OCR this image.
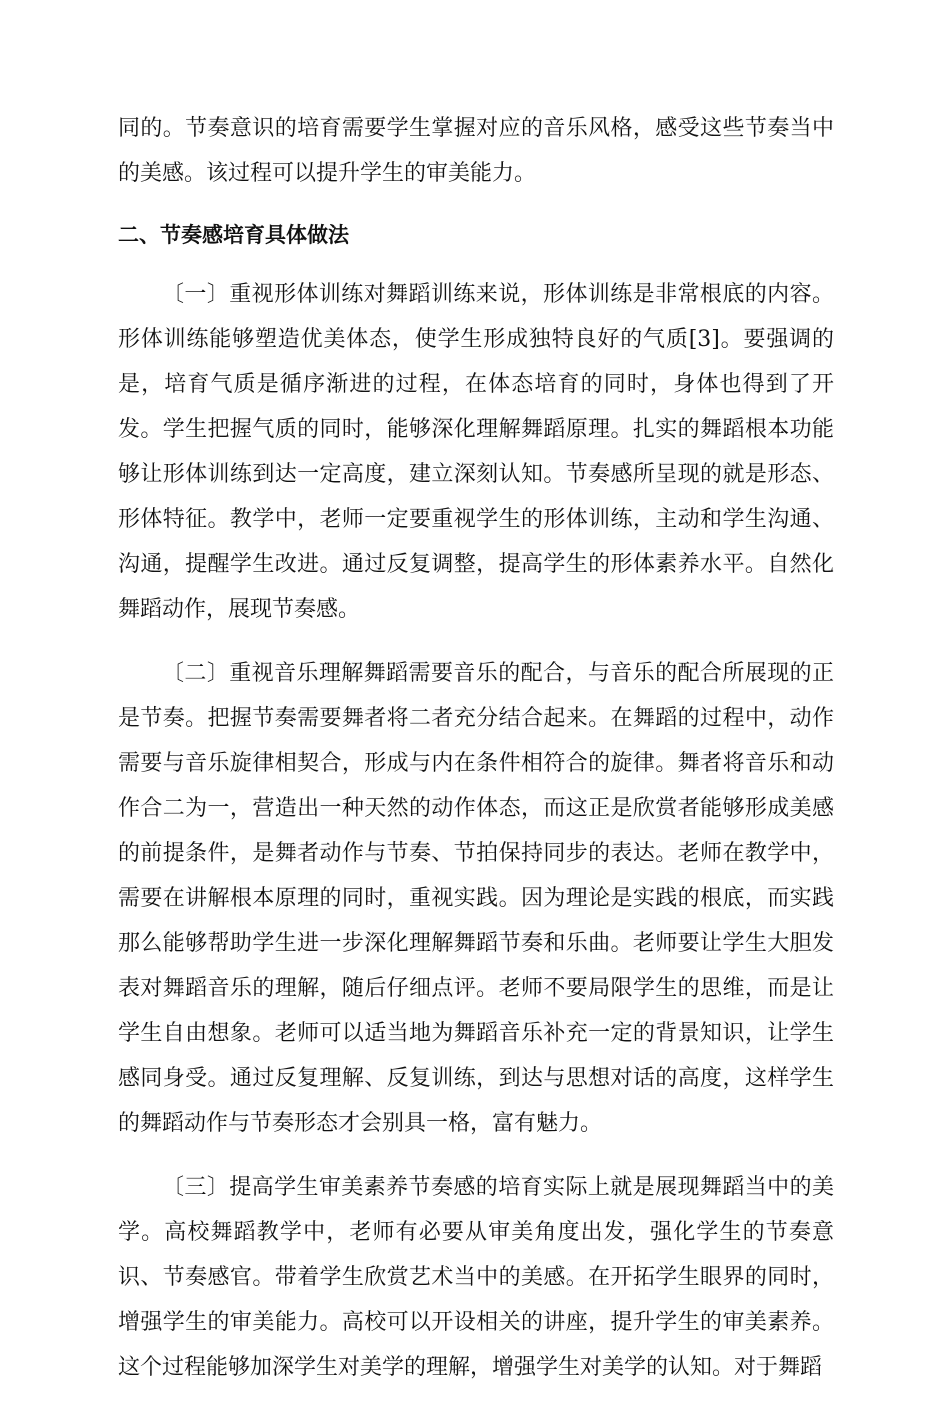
同的。节奏意识的培育需要学生掌握对应的音乐风格，感受这些节奏当中的美感。该过程可以提升学生的审美能力。

二、节奏感培育具体做法

〔一〕重视形体训练对舞蹈训练来说，形体训练是非常根底的内容。形体训练能够塑造优美体态，使学生形成独特良好的气质[3]。要强调的是，培育气质是循序渐进的过程，在体态培育的同时，身体也得到了开发。学生把握气质的同时，能够深化理解舞蹈原理。扎实的舞蹈根本功能够让形体训练到达一定高度，建立深刻认知。节奏感所呈现的就是形态、形体特征。教学中，老师一定要重视学生的形体训练，主动和学生沟通、沟通，提醒学生改进。通过反复调整，提高学生的形体素养水平。自然化舞蹈动作，展现节奏感。

〔二〕重视音乐理解舞蹈需要音乐的配合，与音乐的配合所展现的正是节奏。把握节奏需要舞者将二者充分结合起来。在舞蹈的过程中，动作需要与音乐旋律相契合，形成与内在条件相符合的旋律。舞者将音乐和动作合二为一，营造出一种天然的动作体态，而这正是欣赏者能够形成美感的前提条件，是舞者动作与节奏、节拍保持同步的表达。老师在教学中，需要在讲解根本原理的同时，重视实践。因为理论是实践的根底，而实践那么能够帮助学生进一步深化理解舞蹈节奏和乐曲。老师要让学生大胆发表对舞蹈音乐的理解，随后仔细点评。老师不要局限学生的思维，而是让学生自由想象。老师可以适当地为舞蹈音乐补充一定的背景知识，让学生感同身受。通过反复理解、反复训练，到达与思想对话的高度，这样学生的舞蹈动作与节奏形态才会别具一格，富有魅力。

〔三〕提高学生审美素养节奏感的培育实际上就是展现舞蹈当中的美学。高校舞蹈教学中，老师有必要从审美角度出发，强化学生的节奏意识、节奏感官。带着学生欣赏艺术当中的美感。在开拓学生眼界的同时，增强学生的审美能力。高校可以开设相关的讲座，提升学生的审美素养。这个过程能够加深学生对美学的理解，增强学生对美学的认知。对于舞蹈
